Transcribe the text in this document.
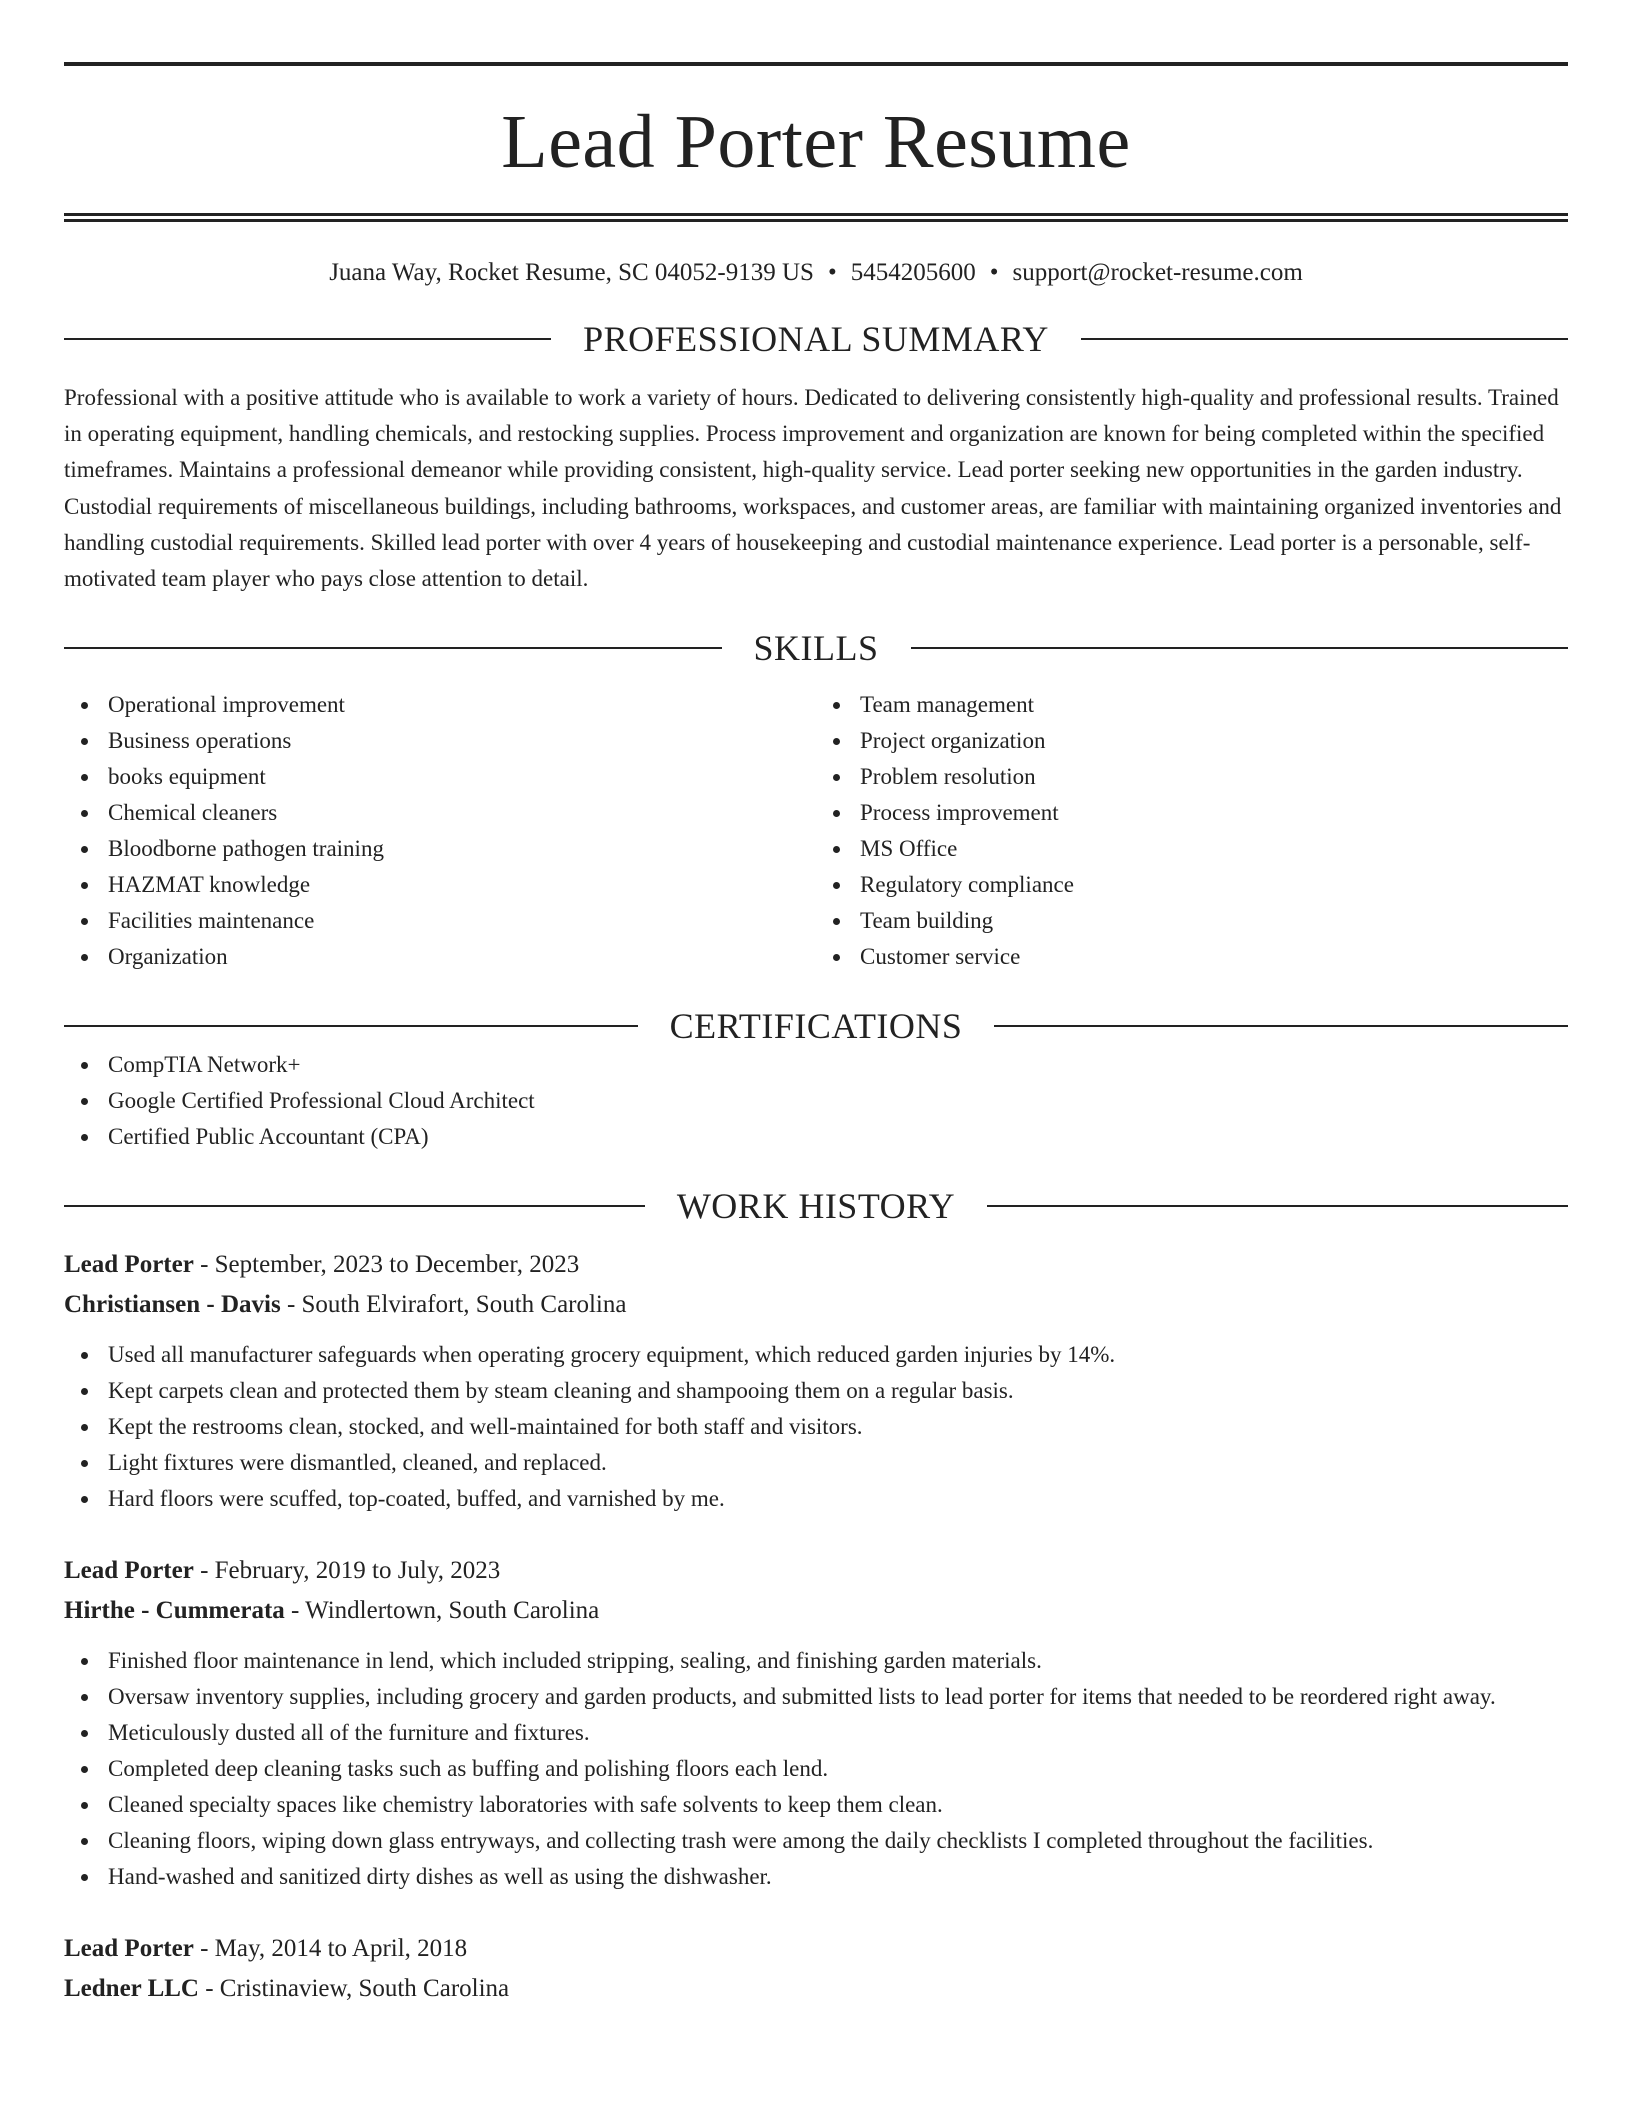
Lead Porter Resume
Juana Way, Rocket Resume, SC 04052-9139 US • 5454205600 • support@rocket-resume.com
PROFESSIONAL SUMMARY

Professional with a positive attitude who is available to work a variety of hours. Dedicated to delivering consistently high-quality and professional results. Trained in operating equipment, handling chemicals, and restocking supplies. Process improvement and organization are known for being completed within the specified timeframes. Maintains a professional demeanor while providing consistent, high-quality service. Lead porter seeking new opportunities in the garden industry. Custodial requirements of miscellaneous buildings, including bathrooms, workspaces, and customer areas, are familiar with maintaining organized inventories and handling custodial requirements. Skilled lead porter with over 4 years of housekeeping and custodial maintenance experience. Lead porter is a personable, self-motivated team player who pays close attention to detail.

SKILLS
Operational improvement
Business operations
books equipment
Chemical cleaners
Bloodborne pathogen training
HAZMAT knowledge
Facilities maintenance
Organization
Team management
Project organization
Problem resolution
Process improvement
MS Office
Regulatory compliance
Team building
Customer service
CERTIFICATIONS
CompTIA Network+
Google Certified Professional Cloud Architect
Certified Public Accountant (CPA)
WORK HISTORY
Lead Porter - September, 2023 to December, 2023
Christiansen - Davis - South Elvirafort, South Carolina
Used all manufacturer safeguards when operating grocery equipment, which reduced garden injuries by 14%.
Kept carpets clean and protected them by steam cleaning and shampooing them on a regular basis.
Kept the restrooms clean, stocked, and well-maintained for both staff and visitors.
Light fixtures were dismantled, cleaned, and replaced.
Hard floors were scuffed, top-coated, buffed, and varnished by me.
Lead Porter - February, 2019 to July, 2023
Hirthe - Cummerata - Windlertown, South Carolina
Finished floor maintenance in lend, which included stripping, sealing, and finishing garden materials.
Oversaw inventory supplies, including grocery and garden products, and submitted lists to lead porter for items that needed to be reordered right away.
Meticulously dusted all of the furniture and fixtures.
Completed deep cleaning tasks such as buffing and polishing floors each lend.
Cleaned specialty spaces like chemistry laboratories with safe solvents to keep them clean.
Cleaning floors, wiping down glass entryways, and collecting trash were among the daily checklists I completed throughout the facilities.
Hand-washed and sanitized dirty dishes as well as using the dishwasher.
Lead Porter - May, 2014 to April, 2018
Ledner LLC - Cristinaview, South Carolina
